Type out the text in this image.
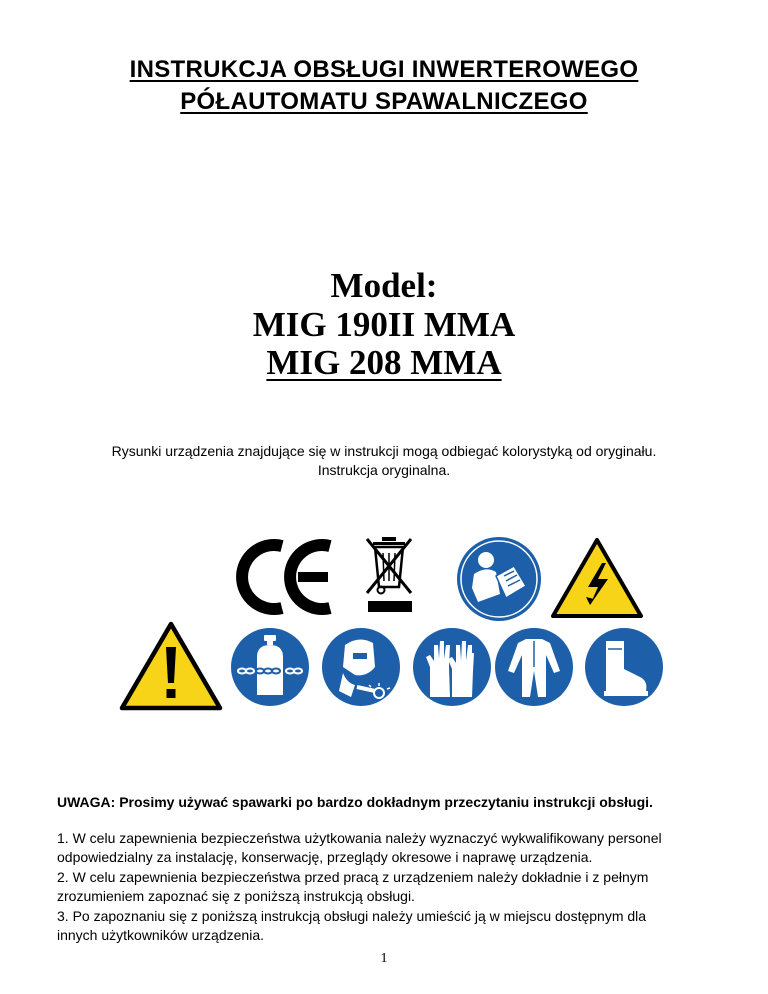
INSTRUKCJA OBSŁUGI INWERTEROWEGO
PÓŁAUTOMATU SPAWALNICZEGO
Model:
MIG 190II MMA
MIG 208 MMA
Rysunki urządzenia znajdujące się w instrukcji mogą odbiegać kolorystyką od oryginału.
Instrukcja oryginalna.
UWAGA: Prosimy używać spawarki po bardzo dokładnym przeczytaniu instrukcji obsługi.
1. W celu zapewnienia bezpieczeństwa użytkowania należy wyznaczyć wykwalifikowany personel
odpowiedzialny za instalację, konserwację, przeglądy okresowe i naprawę urządzenia.
2. W celu zapewnienia bezpieczeństwa przed pracą z urządzeniem należy dokładnie i z pełnym
zrozumieniem zapoznać się z poniższą instrukcją obsługi.
3. Po zapoznaniu się z poniższą instrukcją obsługi należy umieścić ją w miejscu dostępnym dla
innych użytkowników urządzenia.
1
